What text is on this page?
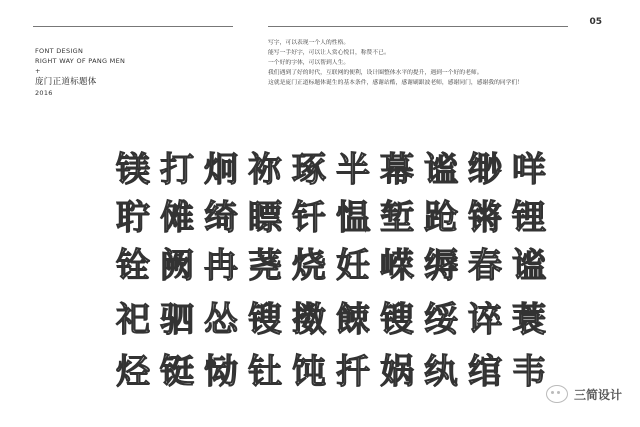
05
FONT DESIGN
RIGHT WAY OF PANG MEN
+
庞门正道标题体
2016
写字，可以表现一个人的性格。
能写一手好字，可以让人赏心悦目，称赞不已。
一个好的字体，可以帮到人生。
我们遇到了好的时代，互联网的便利，设计圈整体水平的提升，遇到一个好的老师。
这就是庞门正道标题体诞生的基本条件，感谢站酷，感谢刷跟波老师，感谢同门，感谢我的同学们！
镁 打 炯 祢 琢 半 幕 谧 缈 咩
聍 傩 绮 瞟 钎 愠 堑 跄 锵 锂
铨 阙 冉 荛 烧 妊 嵘 缛 春 谧
祀 驷 怂 锼 擞 餗 锼 绥 谇 蓑
烃 铤 恸 钍 饨 扦 娲 纨 绾 韦
三简设计
